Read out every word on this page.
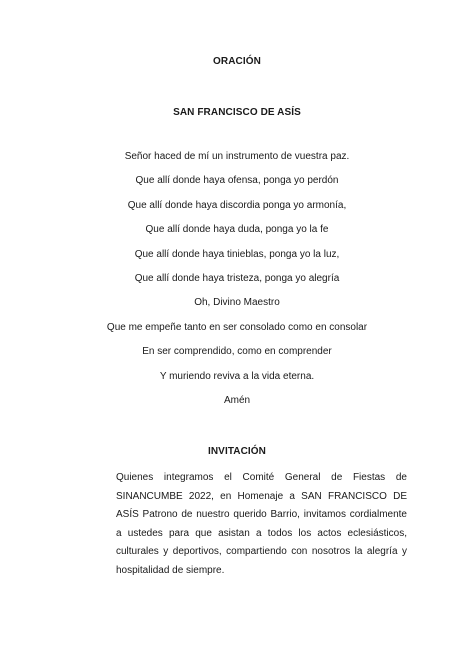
ORACIÓN
SAN FRANCISCO DE ASÍS
Señor haced de mí un instrumento de vuestra paz.
Que allí donde haya ofensa, ponga yo perdón
Que allí donde haya discordia ponga yo armonía,
Que allí donde haya duda, ponga yo la fe
Que allí donde haya tinieblas, ponga yo la luz,
Que allí donde haya tristeza, ponga yo alegría
Oh, Divino Maestro
Que me empeñe tanto en ser consolado como en consolar
En ser comprendido, como en comprender
Y muriendo reviva a la vida eterna.
Amén
INVITACIÓN
Quienes integramos el Comité General de Fiestas de SINANCUMBE 2022, en Homenaje a SAN FRANCISCO DE ASÍS Patrono de nuestro querido Barrio, invitamos cordialmente a ustedes para que asistan a todos los actos eclesiásticos, culturales y deportivos, compartiendo con nosotros la alegría y hospitalidad de siempre.
